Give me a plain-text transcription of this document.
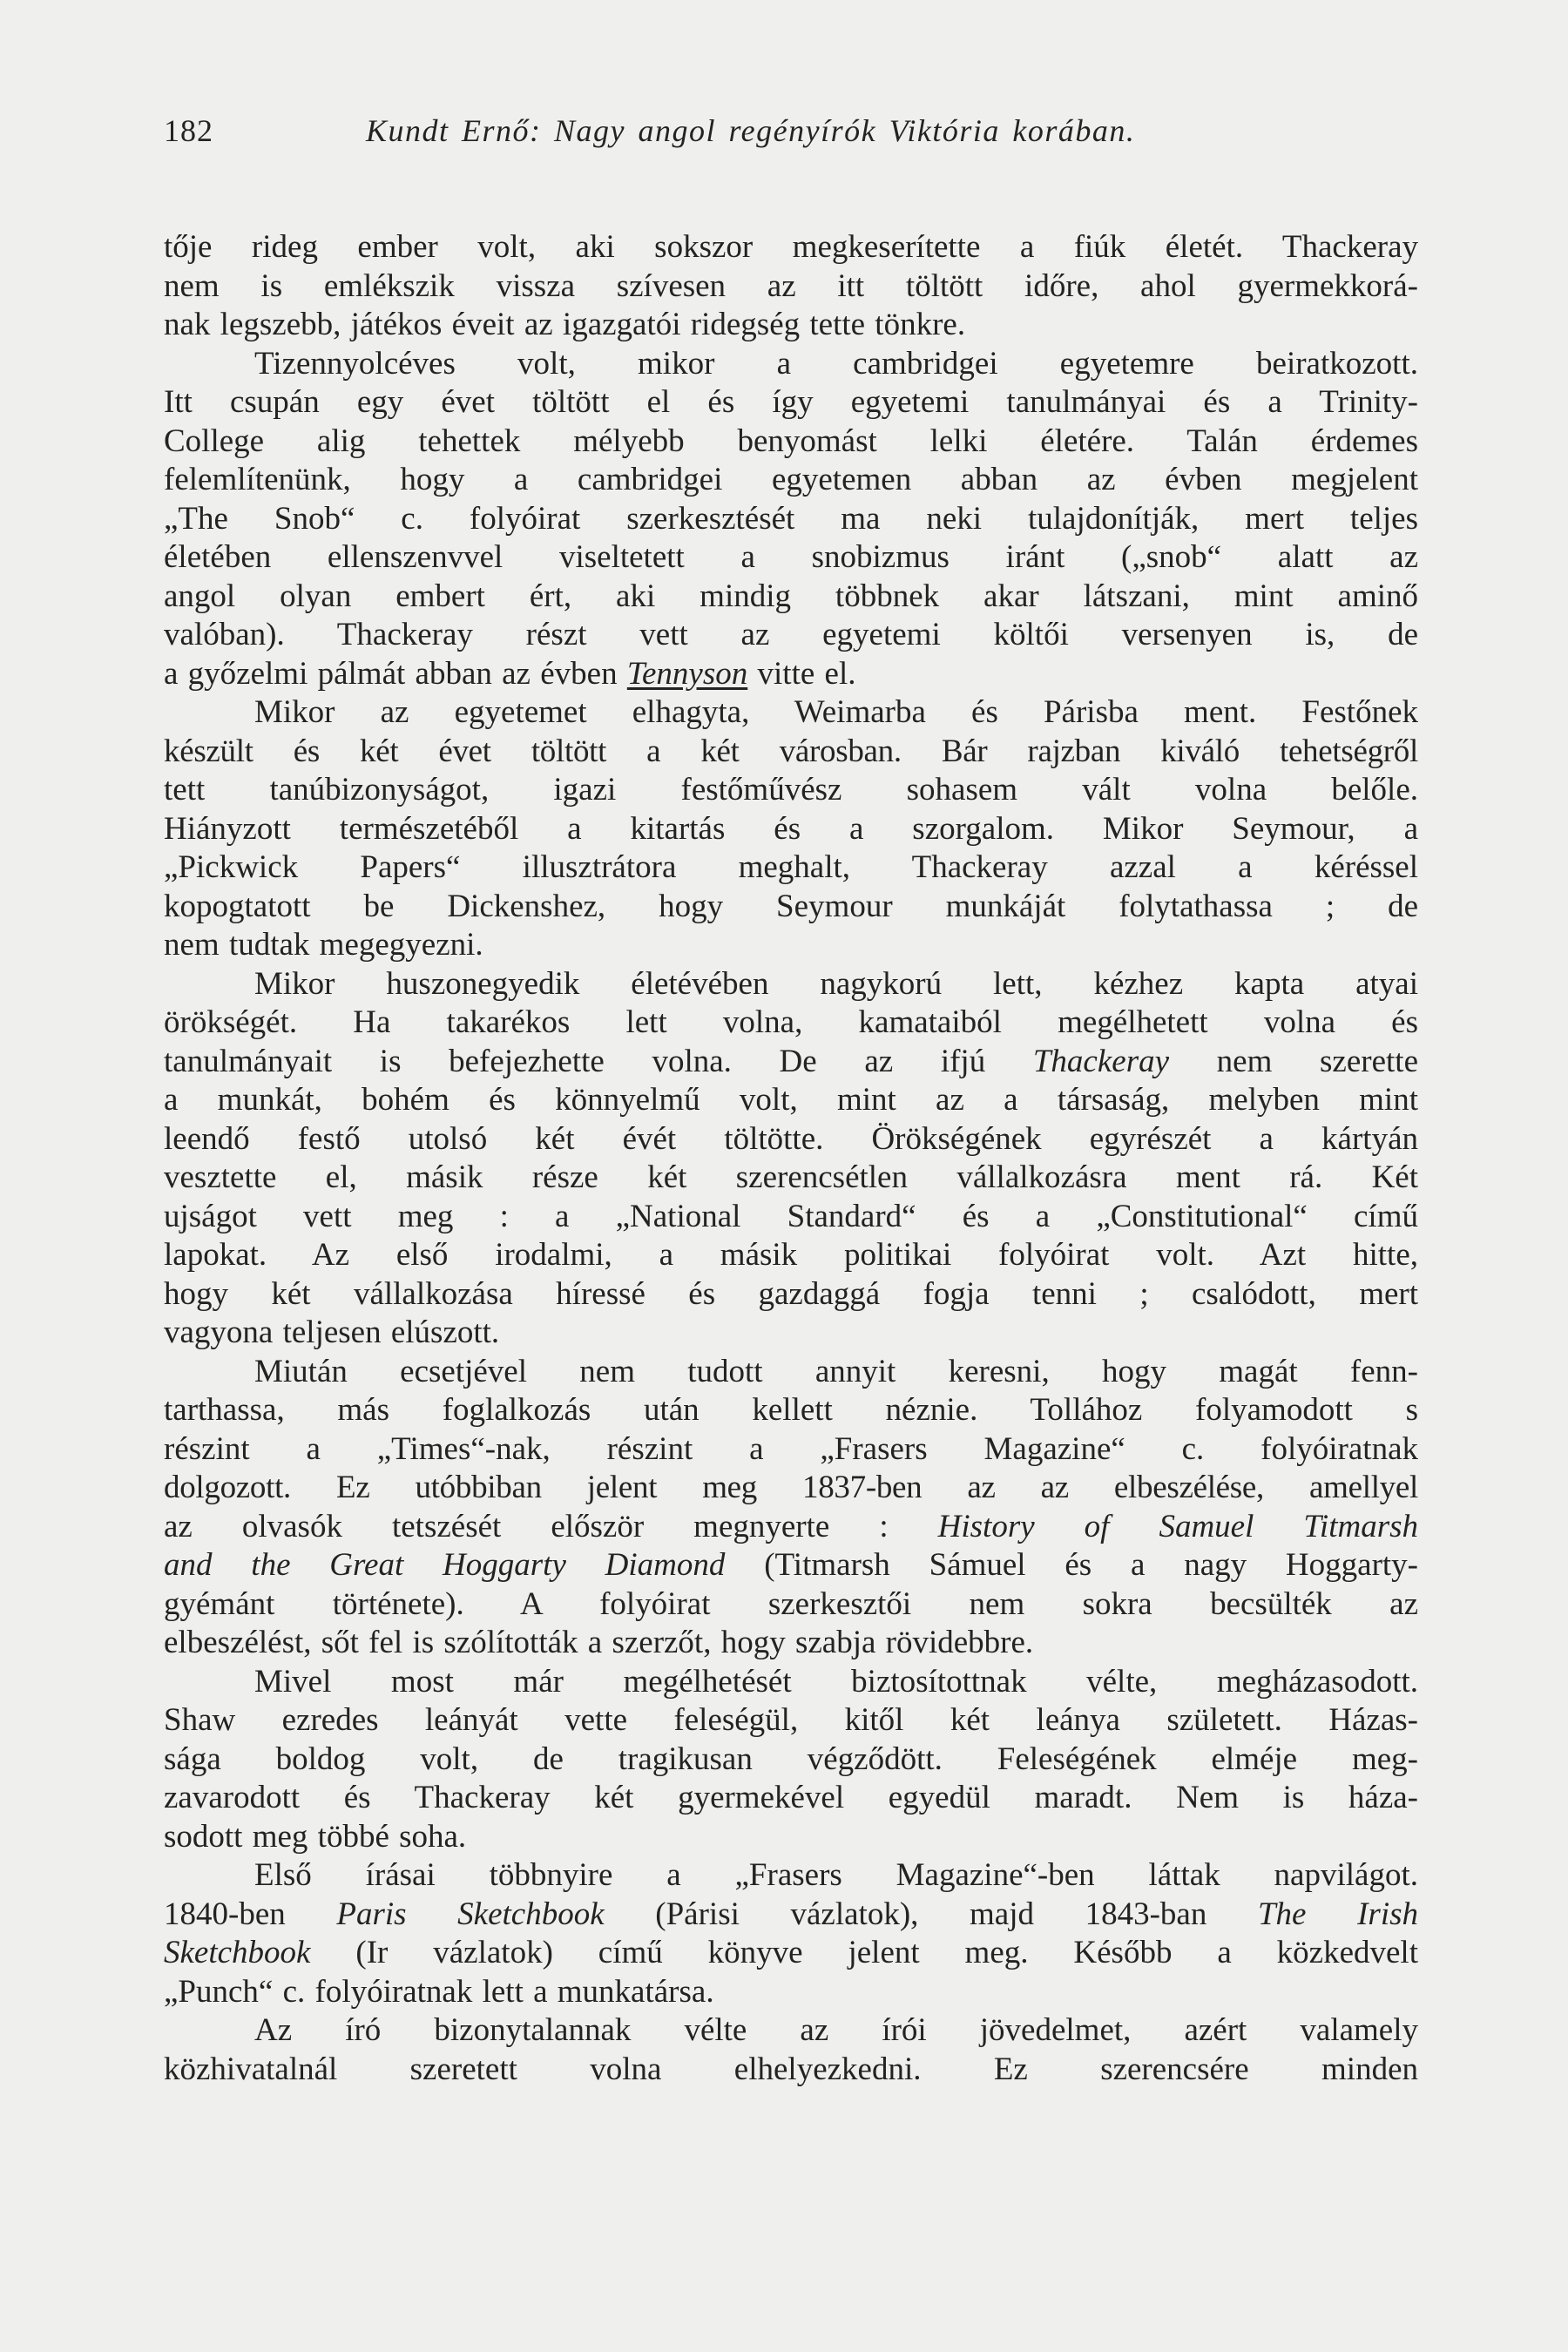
182	Kundt Ernő: Nagy angol regényírók Viktória korában.
tője rideg ember volt, aki sokszor megkeserítette a fiúk életét. Thackeray
nem is emlékszik vissza szívesen az itt töltött időre, ahol gyermekkorá-
nak legszebb, játékos éveit az igazgatói ridegség tette tönkre.
Tizennyolcéves volt, mikor a cambridgei egyetemre beiratkozott.
Itt csupán egy évet töltött el és így egyetemi tanulmányai és a Trinity-
College alig tehettek mélyebb benyomást lelki életére. Talán érdemes
felemlítenünk, hogy a cambridgei egyetemen abban az évben megjelent
„The Snob“ c. folyóirat szerkesztését ma neki tulajdonítják, mert teljes
életében ellenszenvvel viseltetett a snobizmus iránt („snob“ alatt az
angol olyan embert ért, aki mindig többnek akar látszani, mint aminő
valóban). Thackeray részt vett az egyetemi költői versenyen is, de
a győzelmi pálmát abban az évben Tennyson vitte el.
Mikor az egyetemet elhagyta, Weimarba és Párisba ment. Festőnek
készült és két évet töltött a két városban. Bár rajzban kiváló tehetségről
tett tanúbizonyságot, igazi festőművész sohasem vált volna belőle.
Hiányzott természetéből a kitartás és a szorgalom. Mikor Seymour, a
„Pickwick Papers“ illusztrátora meghalt, Thackeray azzal a kéréssel
kopogtatott be Dickenshez, hogy Seymour munkáját folytathassa ; de
nem tudtak megegyezni.
Mikor huszonegyedik életévében nagykorú lett, kézhez kapta atyai
örökségét. Ha takarékos lett volna, kamataiból megélhetett volna és
tanulmányait is befejezhette volna. De az ifjú Thackeray nem szerette
a munkát, bohém és könnyelmű volt, mint az a társaság, melyben mint
leendő festő utolsó két évét töltötte. Örökségének egyrészét a kártyán
vesztette el, másik része két szerencsétlen vállalkozásra ment rá. Két
ujságot vett meg : a „National Standard“ és a „Constitutional“ című
lapokat. Az első irodalmi, a másik politikai folyóirat volt. Azt hitte,
hogy két vállalkozása híressé és gazdaggá fogja tenni ; csalódott, mert
vagyona teljesen elúszott.
Miután ecsetjével nem tudott annyit keresni, hogy magát fenn-
tarthassa, más foglalkozás után kellett néznie. Tollához folyamodott s
részint a „Times“-nak, részint a „Frasers Magazine“ c. folyóiratnak
dolgozott. Ez utóbbiban jelent meg 1837-ben az az elbeszélése, amellyel
az olvasók tetszését először megnyerte : History of Samuel Titmarsh
and the Great Hoggarty Diamond (Titmarsh Sámuel és a nagy Hoggarty-
gyémánt története). A folyóirat szerkesztői nem sokra becsülték az
elbeszélést, sőt fel is szólították a szerzőt, hogy szabja rövidebbre.
Mivel most már megélhetését biztosítottnak vélte, megházasodott.
Shaw ezredes leányát vette feleségül, kitől két leánya született. Házas-
sága boldog volt, de tragikusan végződött. Feleségének elméje meg-
zavarodott és Thackeray két gyermekével egyedül maradt. Nem is háza-
sodott meg többé soha.
Első írásai többnyire a „Frasers Magazine“-ben láttak napvilágot.
1840-ben Paris Sketchbook (Párisi vázlatok), majd 1843-ban The Irish
Sketchbook (Ir vázlatok) című könyve jelent meg. Később a közkedvelt
„Punch“ c. folyóiratnak lett a munkatársa.
Az író bizonytalannak vélte az írói jövedelmet, azért valamely
közhivatalnál szeretett volna elhelyezkedni. Ez szerencsére minden
